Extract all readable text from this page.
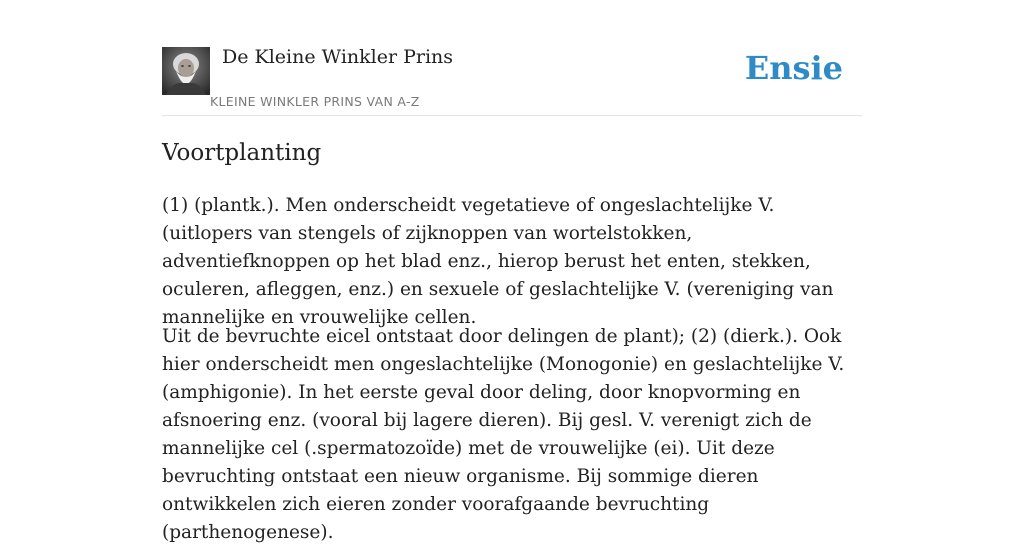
De Kleine Winkler Prins
KLEINE WINKLER PRINS VAN A-Z
Ensie
Voortplanting

(1) (plantk.). Men onderscheidt vegetatieve of ongeslachtelijke V. (uitlopers van stengels of zijknoppen van wortelstokken, adventiefknoppen op het blad enz., hierop berust het enten, stekken, oculeren, afleggen, enz.) en sexuele of geslachtelijke V. (vereniging van mannelijke en vrouwelijke cellen.

Uit de bevruchte eicel ontstaat door delingen de plant); (2) (dierk.). Ook hier onderscheidt men ongeslachtelijke (Monogonie) en geslachtelijke V. (amphigonie). In het eerste geval door deling, door knopvorming en afsnoering enz. (vooral bij lagere dieren). Bij gesl. V. verenigt zich de mannelijke cel (.spermatozoïde) met de vrouwelijke (ei). Uit deze bevruchting ontstaat een nieuw organisme. Bij sommige dieren ontwikkelen zich eieren zonder voorafgaande bevruchting (parthenogenese).
